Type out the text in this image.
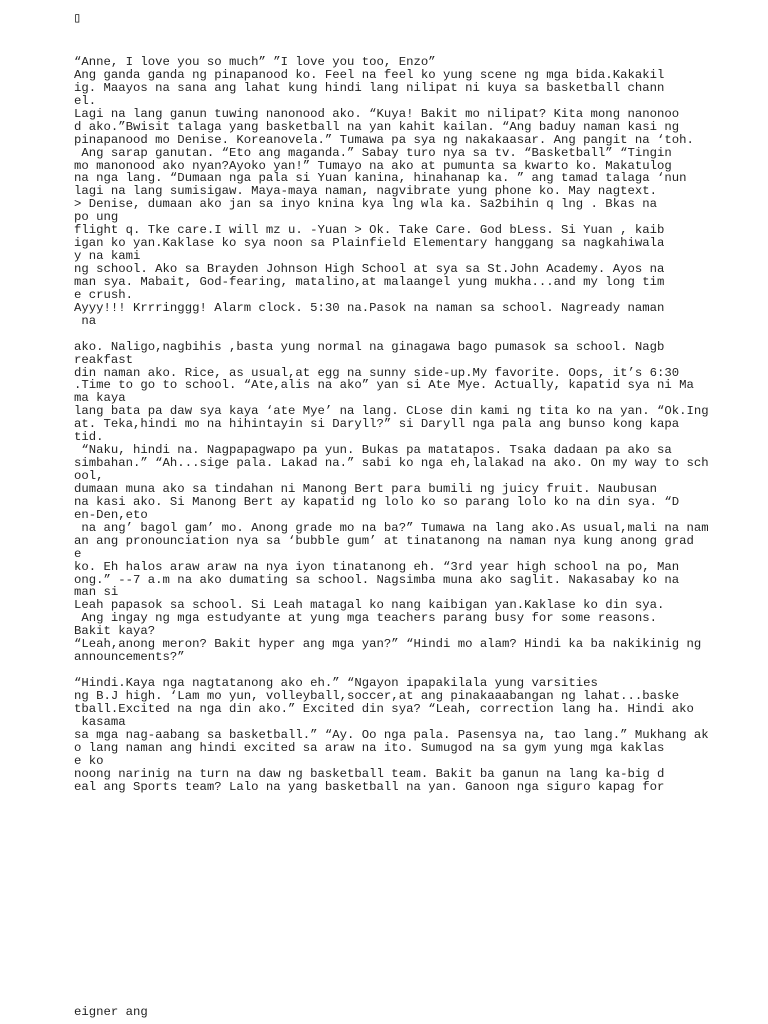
▯
“Anne, I love you so much” ”I love you too, Enzo”
Ang ganda ganda ng pinapanood ko. Feel na feel ko yung scene ng mga bida.Kakakil
ig. Maayos na sana ang lahat kung hindi lang nilipat ni kuya sa basketball chann
el.
Lagi na lang ganun tuwing nanonood ako. “Kuya! Bakit mo nilipat? Kita mong nanonoo
d ako.”Bwisit talaga yang basketball na yan kahit kailan. “Ang baduy naman kasi ng
pinapanood mo Denise. Koreanovela.” Tumawa pa sya ng nakakaasar. Ang pangit na ‘toh.
Ang sarap ganutan. “Eto ang maganda.” Sabay turo nya sa tv. “Basketball” “Tingin
mo manonood ako nyan?Ayoko yan!” Tumayo na ako at pumunta sa kwarto ko. Makatulog
na nga lang. “Dumaan nga pala si Yuan kanina, hinahanap ka. ” ang tamad talaga ‘nun
lagi na lang sumisigaw. Maya-maya naman, nagvibrate yung phone ko. May nagtext.
> Denise, dumaan ako jan sa inyo knina kya lng wla ka. Sa2bihin q lng . Bkas na
po ung
flight q. Tke care.I will mz u. -Yuan > Ok. Take Care. God bLess. Si Yuan , kaib
igan ko yan.Kaklase ko sya noon sa Plainfield Elementary hanggang sa nagkahiwala
y na kami
ng school. Ako sa Brayden Johnson High School at sya sa St.John Academy. Ayos na
man sya. Mabait, God-fearing, matalino,at malaangel yung mukha...and my long tim
e crush.
Ayyy!!! Krrringgg! Alarm clock. 5:30 na.Pasok na naman sa school. Nagready naman
na
ako. Naligo,nagbihis ,basta yung normal na ginagawa bago pumasok sa school. Nagb
reakfast
din naman ako. Rice, as usual,at egg na sunny side-up.My favorite. Oops, it’s 6:30
.Time to go to school. “Ate,alis na ako” yan si Ate Mye. Actually, kapatid sya ni Ma
ma kaya
lang bata pa daw sya kaya ‘ate Mye’ na lang. CLose din kami ng tita ko na yan. “Ok.Ing
at. Teka,hindi mo na hihintayin si Daryll?” si Daryll nga pala ang bunso kong kapa
tid.
“Naku, hindi na. Nagpapagwapo pa yun. Bukas pa matatapos. Tsaka dadaan pa ako sa
simbahan.” “Ah...sige pala. Lakad na.” sabi ko nga eh,lalakad na ako. On my way to sch
ool,
dumaan muna ako sa tindahan ni Manong Bert para bumili ng juicy fruit. Naubusan
na kasi ako. Si Manong Bert ay kapatid ng lolo ko so parang lolo ko na din sya. “D
en-Den,eto
na ang’ bagol gam’ mo. Anong grade mo na ba?” Tumawa na lang ako.As usual,mali na nam
an ang pronounciation nya sa ‘bubble gum’ at tinatanong na naman nya kung anong grad
e
ko. Eh halos araw araw na nya iyon tinatanong eh. “3rd year high school na po, Man
ong.” --7 a.m na ako dumating sa school. Nagsimba muna ako saglit. Nakasabay ko na
man si
Leah papasok sa school. Si Leah matagal ko nang kaibigan yan.Kaklase ko din sya.
Ang ingay ng mga estudyante at yung mga teachers parang busy for some reasons.
Bakit kaya?
“Leah,anong meron? Bakit hyper ang mga yan?” “Hindi mo alam? Hindi ka ba nakikinig ng
announcements?”
“Hindi.Kaya nga nagtatanong ako eh.” “Ngayon ipapakilala yung varsities
ng B.J high. ‘Lam mo yun, volleyball,soccer,at ang pinakaaabangan ng lahat...baske
tball.Excited na nga din ako.” Excited din sya? “Leah, correction lang ha. Hindi ako
kasama
sa mga nag-aabang sa basketball.” “Ay. Oo nga pala. Pasensya na, tao lang.” Mukhang ak
o lang naman ang hindi excited sa araw na ito. Sumugod na sa gym yung mga kaklas
e ko
noong narinig na turn na daw ng basketball team. Bakit ba ganun na lang ka-big d
eal ang Sports team? Lalo na yang basketball na yan. Ganoon nga siguro kapag for
eigner ang
